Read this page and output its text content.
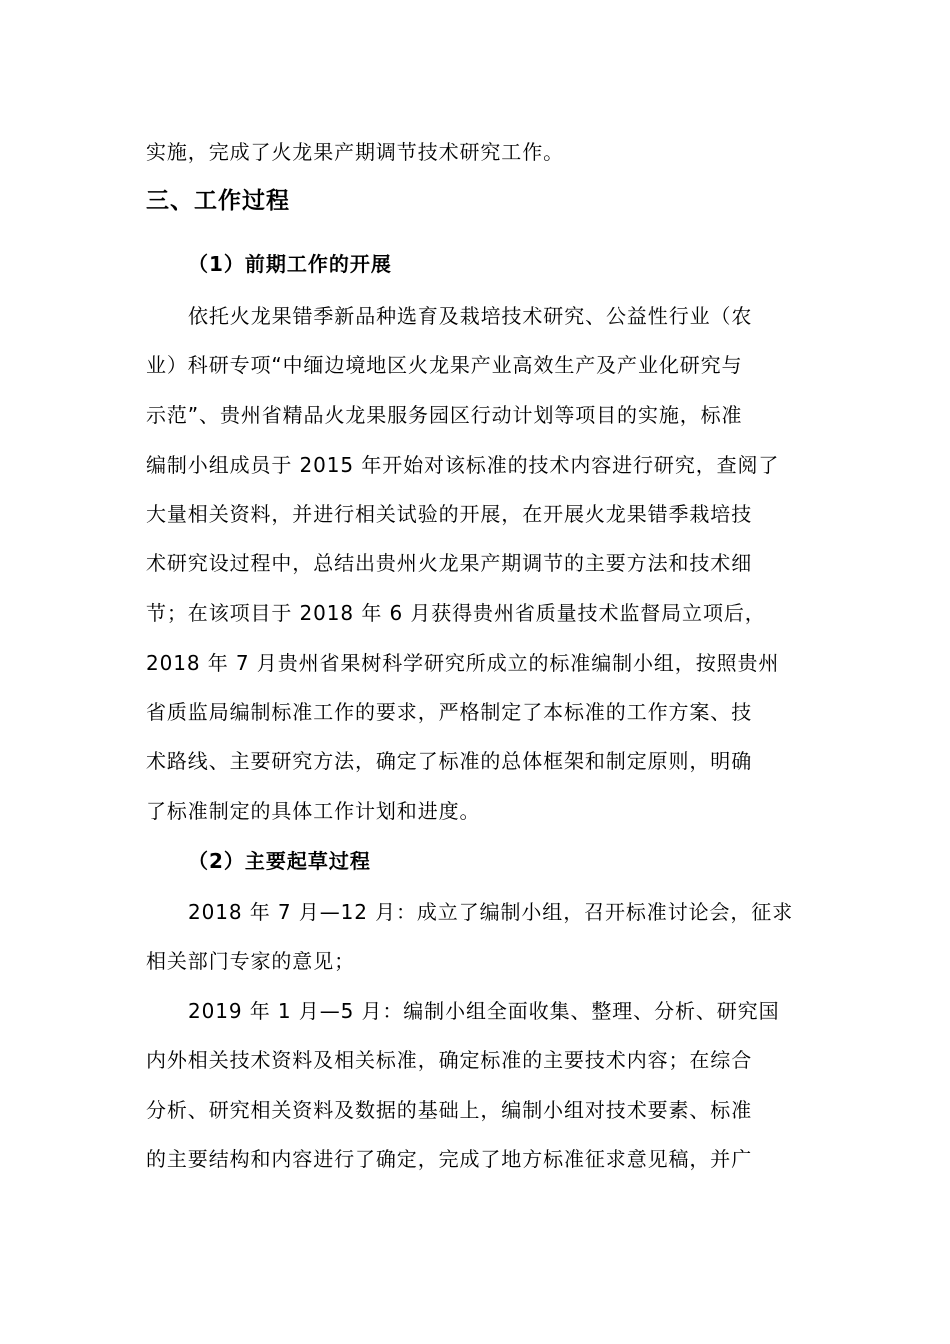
实施，完成了火龙果产期调节技术研究工作。
三、工作过程
（1）前期工作的开展
依托火龙果错季新品种选育及栽培技术研究、公益性行业（农
业）科研专项“中缅边境地区火龙果产业高效生产及产业化研究与
示范”、贵州省精品火龙果服务园区行动计划等项目的实施，标准
编制小组成员于 2015 年开始对该标准的技术内容进行研究，查阅了
大量相关资料，并进行相关试验的开展，在开展火龙果错季栽培技
术研究设过程中，总结出贵州火龙果产期调节的主要方法和技术细
节；在该项目于 2018 年 6 月获得贵州省质量技术监督局立项后，
2018 年 7 月贵州省果树科学研究所成立的标准编制小组，按照贵州
省质监局编制标准工作的要求，严格制定了本标准的工作方案、技
术路线、主要研究方法，确定了标准的总体框架和制定原则，明确
了标准制定的具体工作计划和进度。
（2）主要起草过程
2018 年 7 月—12 月：成立了编制小组，召开标准讨论会，征求
相关部门专家的意见；
2019 年 1 月—5 月：编制小组全面收集、整理、分析、研究国
内外相关技术资料及相关标准，确定标准的主要技术内容；在综合
分析、研究相关资料及数据的基础上，编制小组对技术要素、标准
的主要结构和内容进行了确定，完成了地方标准征求意见稿，并广
